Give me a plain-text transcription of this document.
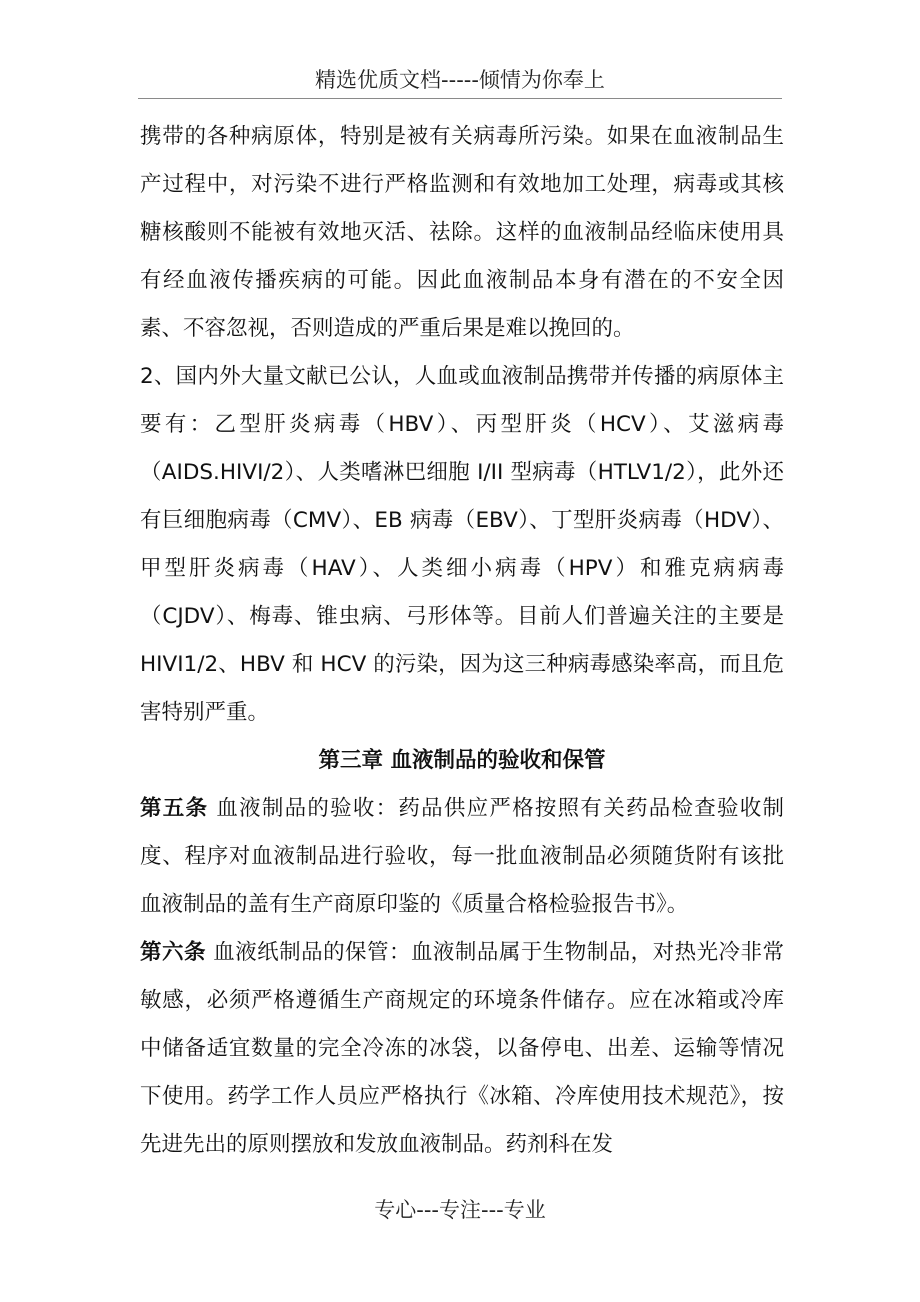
精选优质文档-----倾情为你奉上

携带的各种病原体，特别是被有关病毒所污染。如果在血液制品生产过程中，对污染不进行严格监测和有效地加工处理，病毒或其核糖核酸则不能被有效地灭活、祛除。这样的血液制品经临床使用具有经血液传播疾病的可能。因此血液制品本身有潜在的不安全因素、不容忽视，否则造成的严重后果是难以挽回的。

2、国内外大量文献已公认，人血或血液制品携带并传播的病原体主要有：乙型肝炎病毒（HBV）、丙型肝炎（HCV）、艾滋病毒（AIDS.HIVI/2）、人类嗜淋巴细胞 I/II 型病毒（HTLV1/2），此外还有巨细胞病毒（CMV）、EB 病毒（EBV）、丁型肝炎病毒（HDV）、甲型肝炎病毒（HAV）、人类细小病毒（HPV）和雅克病病毒（CJDV）、梅毒、锥虫病、弓形体等。目前人们普遍关注的主要是 HIVI1/2、HBV 和 HCV 的污染，因为这三种病毒感染率高，而且危害特别严重。

第三章 血液制品的验收和保管

第五条 血液制品的验收：药品供应严格按照有关药品检查验收制度、程序对血液制品进行验收，每一批血液制品必须随货附有该批血液制品的盖有生产商原印鉴的《质量合格检验报告书》。

第六条 血液纸制品的保管：血液制品属于生物制品，对热光冷非常敏感，必须严格遵循生产商规定的环境条件储存。应在冰箱或冷库中储备适宜数量的完全冷冻的冰袋，以备停电、出差、运输等情况下使用。药学工作人员应严格执行《冰箱、冷库使用技术规范》，按先进先出的原则摆放和发放血液制品。药剂科在发

专心---专注---专业
